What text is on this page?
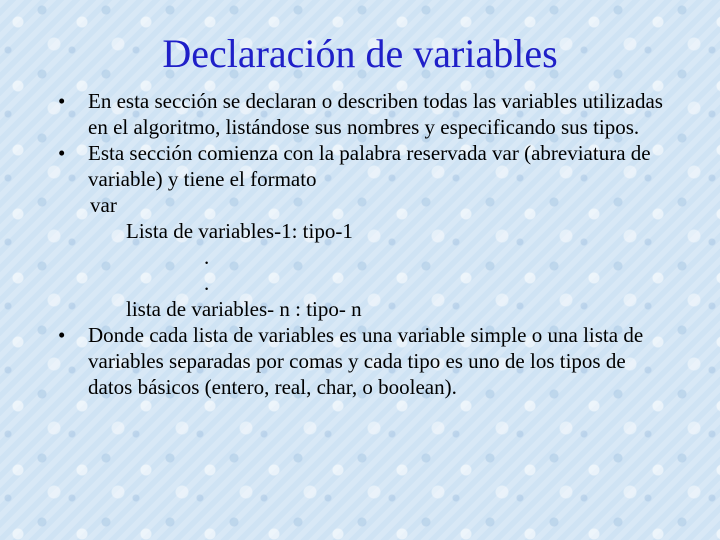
Declaración de variables
•	En esta sección se declaran o describen todas las variables utilizadas en el algoritmo, listándose sus nombres y especificando sus tipos.
•	Esta sección comienza con la palabra reservada var (abreviatura de variable) y tiene el formato
var
Lista de variables-1: tipo-1
.
.
lista de variables- n : tipo- n
•	Donde cada lista de variables es una variable simple o una lista de variables separadas por comas y cada tipo es uno de los tipos de datos básicos (entero, real, char, o boolean).
